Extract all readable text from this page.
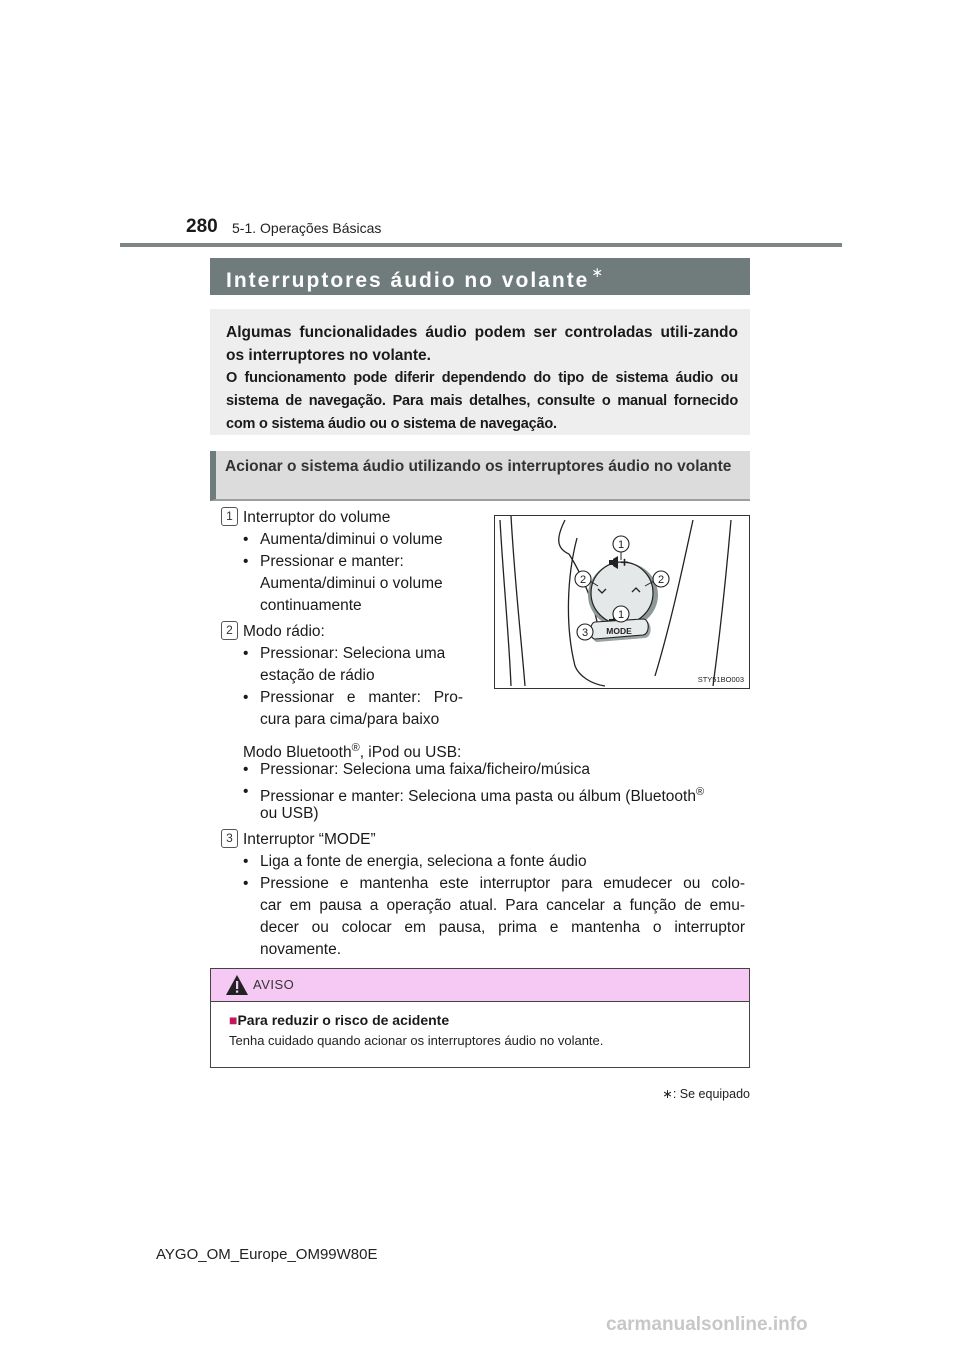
280 5-1. Operações Básicas
Interruptores áudio no volante ∗

Algumas funcionalidades áudio podem ser controladas utili-zando os interruptores no volante.

O funcionamento pode diferir dependendo do tipo de sistema áudio ou sistema de navegação. Para mais detalhes, consulte o manual fornecido com o sistema áudio ou o sistema de navegação.

Acionar o sistema áudio utilizando os interruptores áudio no volante
1 Interruptor do volume
• Aumenta/diminui o volume
• Pressionar e manter:
Aumenta/diminui o volume
continuamente
2 Modo rádio:
• Pressionar: Seleciona uma
estação de rádio
• Pressionar e manter: Pro-
cura para cima/para baixo
Modo Bluetooth®, iPod ou USB:
• Pressionar: Seleciona uma faixa/ficheiro/música
• Pressionar e manter: Seleciona uma pasta ou álbum (Bluetooth®
ou USB)
3 Interruptor “MODE”
• Liga a fonte de energia, seleciona a fonte áudio
• Pressione e mantenha este interruptor para emudecer ou colo-
car em pausa a operação atual. Para cancelar a função de emu-
decer ou colocar em pausa, prima e mantenha o interruptor
novamente.
MODE
1
2	2
1
3
STY51BO003
AVISO
■Para reduzir o risco de acidente
Tenha cuidado quando acionar os interruptores áudio no volante.
∗: Se equipado
AYGO_OM_Europe_OM99W80E
carmanualsonline.info
